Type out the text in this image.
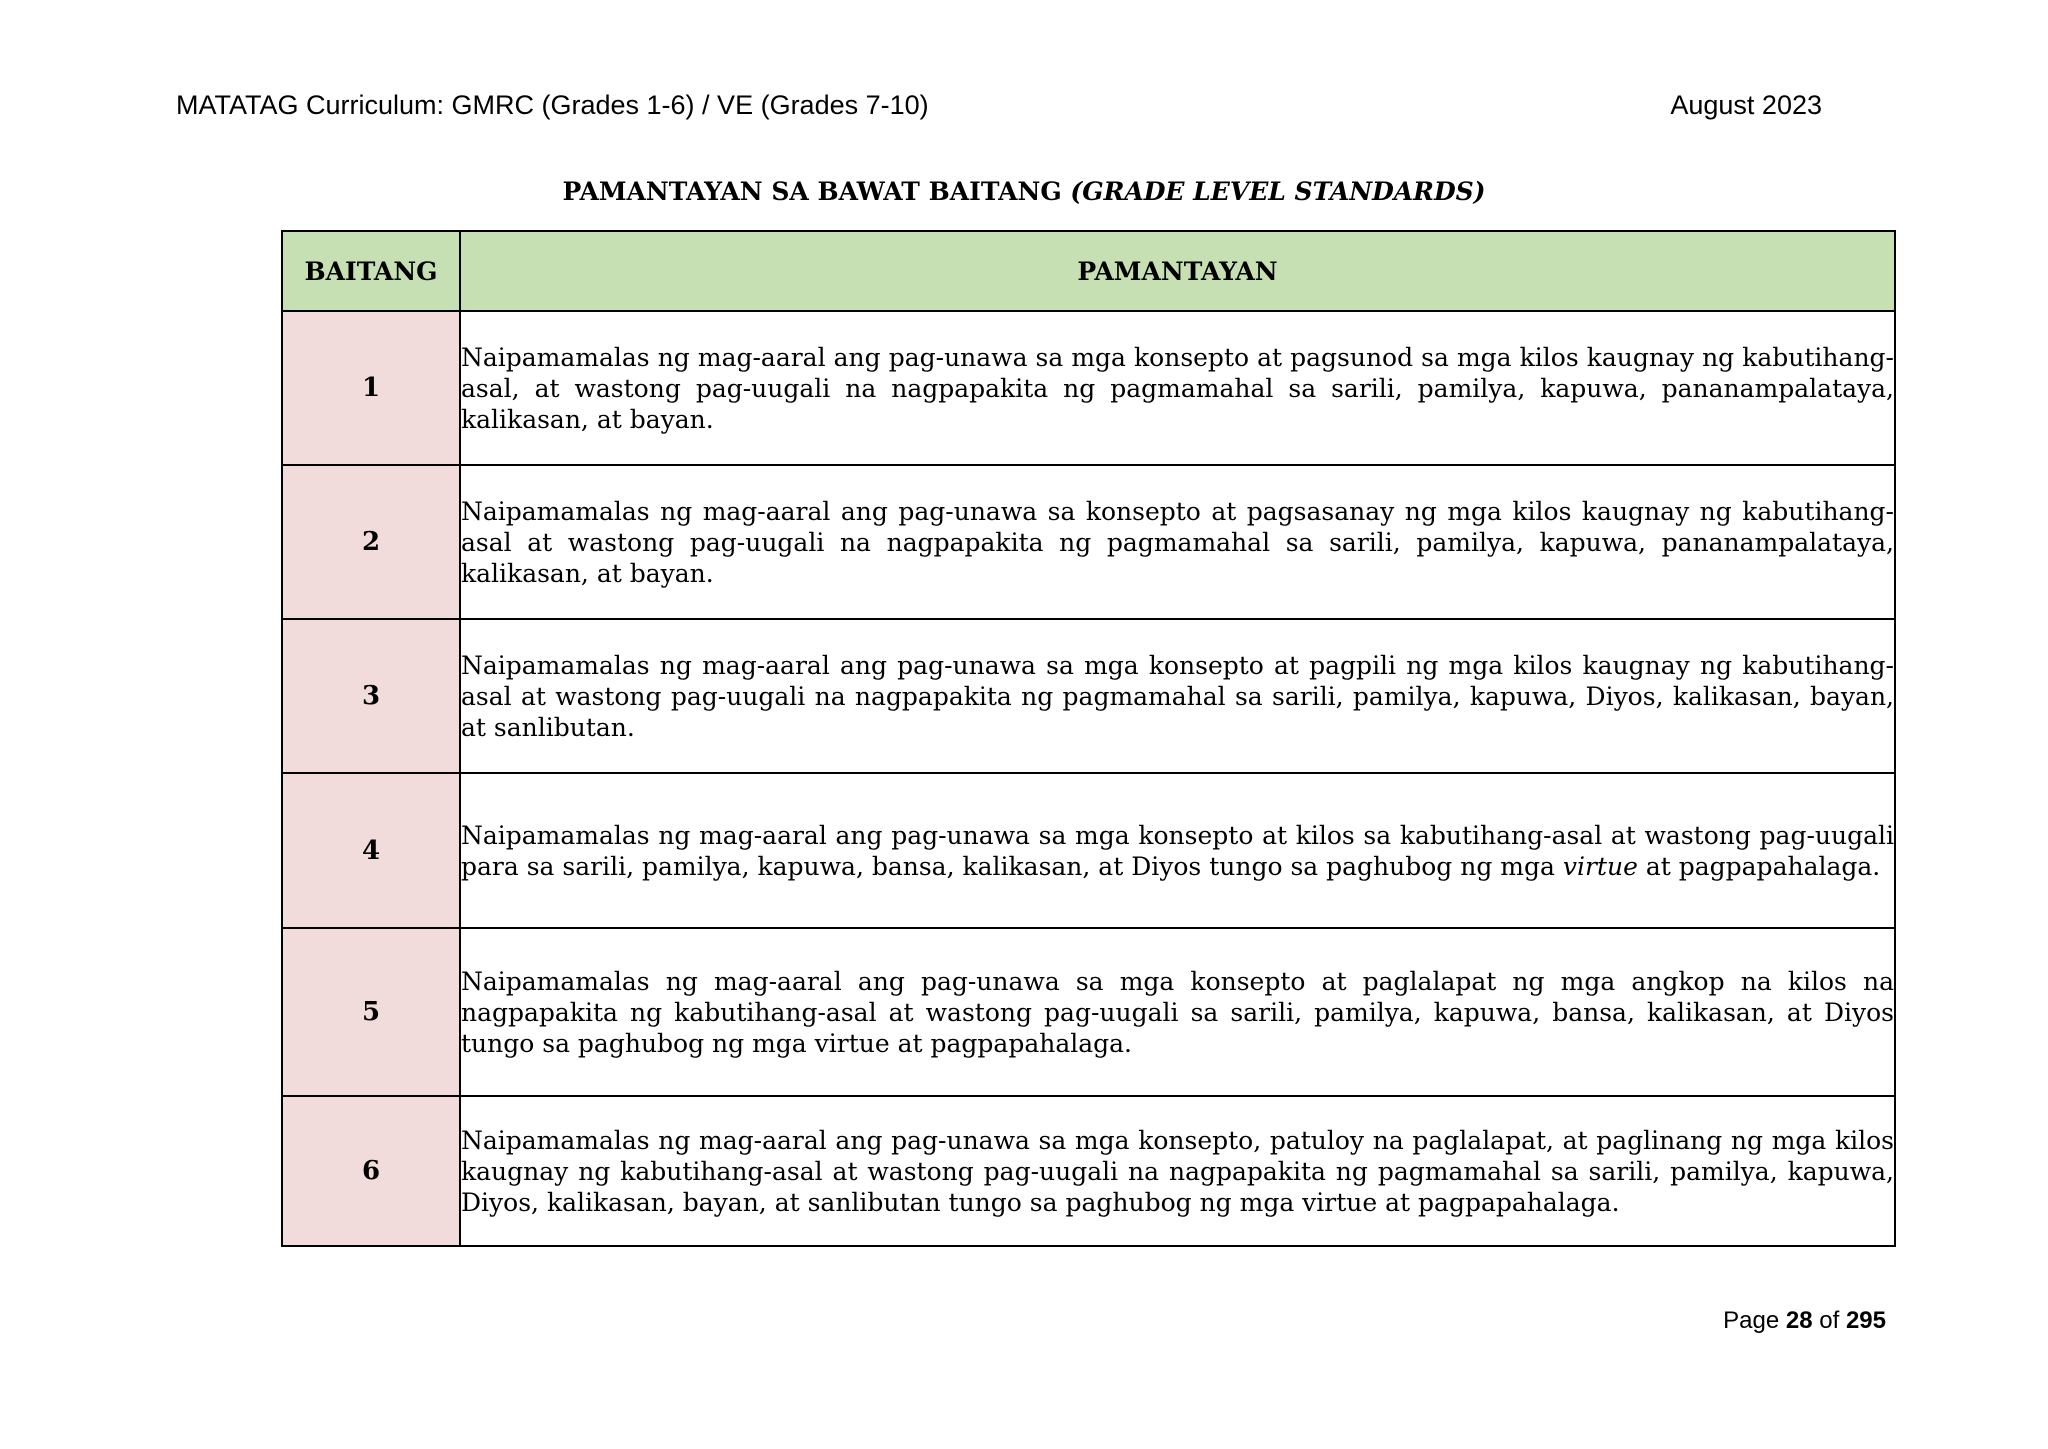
MATATAG Curriculum: GMRC (Grades 1-6) / VE (Grades 7-10)	August 2023
PAMANTAYAN SA BAWAT BAITANG (GRADE LEVEL STANDARDS)
BAITANG	PAMANTAYAN
1	Naipamamalas ng mag-aaral ang pag-unawa sa mga konsepto at pagsunod sa mga kilos kaugnay ng kabutihang-asal, at wastong pag-uugali na nagpapakita ng pagmamahal sa sarili, pamilya, kapuwa, pananampalataya, kalikasan, at bayan.
2	Naipamamalas ng mag-aaral ang pag-unawa sa konsepto at pagsasanay ng mga kilos kaugnay ng kabutihang-asal at wastong pag-uugali na nagpapakita ng pagmamahal sa sarili, pamilya, kapuwa, pananampalataya, kalikasan, at bayan.
3	Naipamamalas ng mag-aaral ang pag-unawa sa mga konsepto at pagpili ng mga kilos kaugnay ng kabutihang- asal at wastong pag-uugali na nagpapakita ng pagmamahal sa sarili, pamilya, kapuwa, Diyos, kalikasan, bayan, at sanlibutan.
4	Naipamamalas ng mag-aaral ang pag-unawa sa mga konsepto at kilos sa kabutihang-asal at wastong pag-uugali para sa sarili, pamilya, kapuwa, bansa, kalikasan, at Diyos tungo sa paghubog ng mga virtue at pagpapahalaga.
5	Naipamamalas ng mag-aaral ang pag-unawa sa mga konsepto at paglalapat ng mga angkop na kilos na nagpapakita ng kabutihang-asal at wastong pag-uugali sa sarili, pamilya, kapuwa, bansa, kalikasan, at Diyos tungo sa paghubog ng mga virtue at pagpapahalaga.
6	Naipamamalas ng mag-aaral ang pag-unawa sa mga konsepto, patuloy na paglalapat, at paglinang ng mga kilos kaugnay ng kabutihang-asal at wastong pag-uugali na nagpapakita ng pagmamahal sa sarili, pamilya, kapuwa, Diyos, kalikasan, bayan, at sanlibutan tungo sa paghubog ng mga virtue at pagpapahalaga.
Page 28 of 295
